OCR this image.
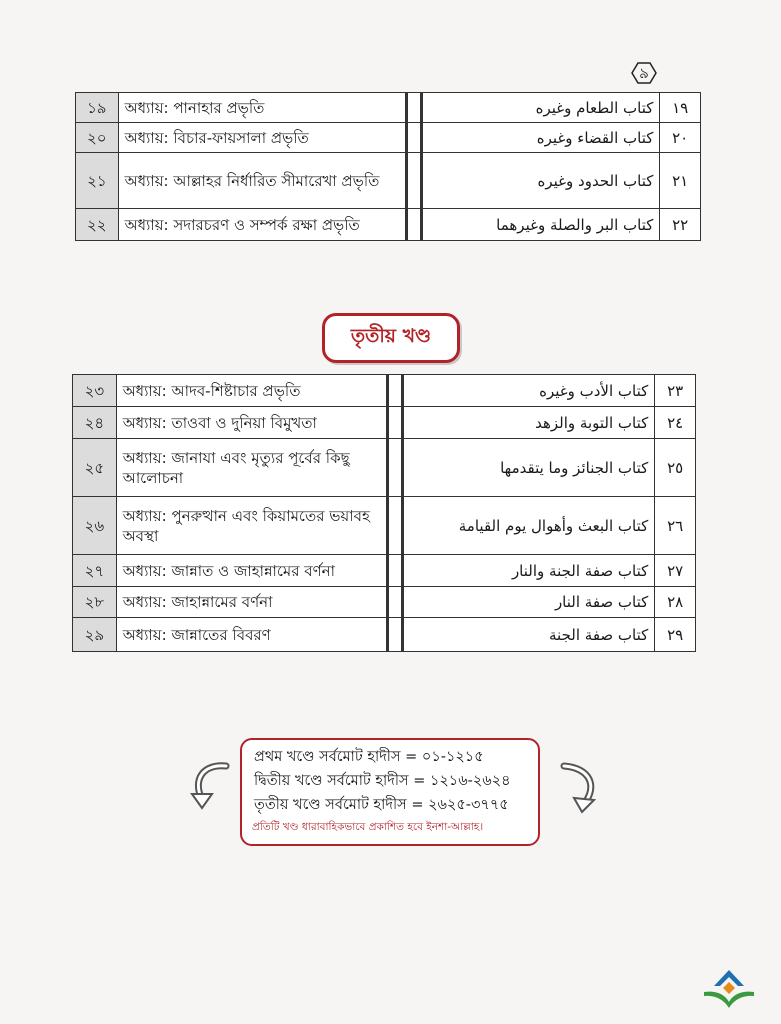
৯
১৯	অধ্যায়: পানাহার প্রভৃতি		كتاب الطعام وغيره	١٩
২০	অধ্যায়: বিচার-ফায়সালা প্রভৃতি		كتاب القضاء وغيره	٢٠
২১	অধ্যায়: আল্লাহর নির্ধারিত সীমারেখা প্রভৃতি		كتاب الحدود وغيره	٢١
২২	অধ্যায়: সদারচরণ ও সম্পর্ক রক্ষা প্রভৃতি		كتاب البر والصلة وغيرهما	٢٢
তৃতীয় খণ্ড
২৩	অধ্যায়: আদব-শিষ্টাচার প্রভৃতি		كتاب الأدب وغيره	٢٣
২৪	অধ্যায়: তাওবা ও দুনিয়া বিমুখতা		كتاب التوبة والزهد	٢٤
২৫	অধ্যায়: জানাযা এবং মৃত্যুর পূর্বের কিছু আলোচনা		كتاب الجنائز وما يتقدمها	٢٥
২৬	অধ্যায়: পুনরুত্থান এবং কিয়ামতের ভয়াবহ অবস্থা		كتاب البعث وأهوال يوم القيامة	٢٦
২৭	অধ্যায়: জান্নাত ও জাহান্নামের বর্ণনা		كتاب صفة الجنة والنار	٢٧
২৮	অধ্যায়: জাহান্নামের বর্ণনা		كتاب صفة النار	٢٨
২৯	অধ্যায়: জান্নাতের বিবরণ		كتاب صفة الجنة	٢٩
প্রথম খণ্ডে সর্বমোট হাদীস = ০১-১২১৫
দ্বিতীয় খণ্ডে সর্বমোট হাদীস = ১২১৬-২৬২৪
তৃতীয় খণ্ডে সর্বমোট হাদীস = ২৬২৫-৩৭৭৫
প্রতিটি খণ্ড ধারাবাহিকভাবে প্রকাশিত হবে ইনশা-আল্লাহ।
